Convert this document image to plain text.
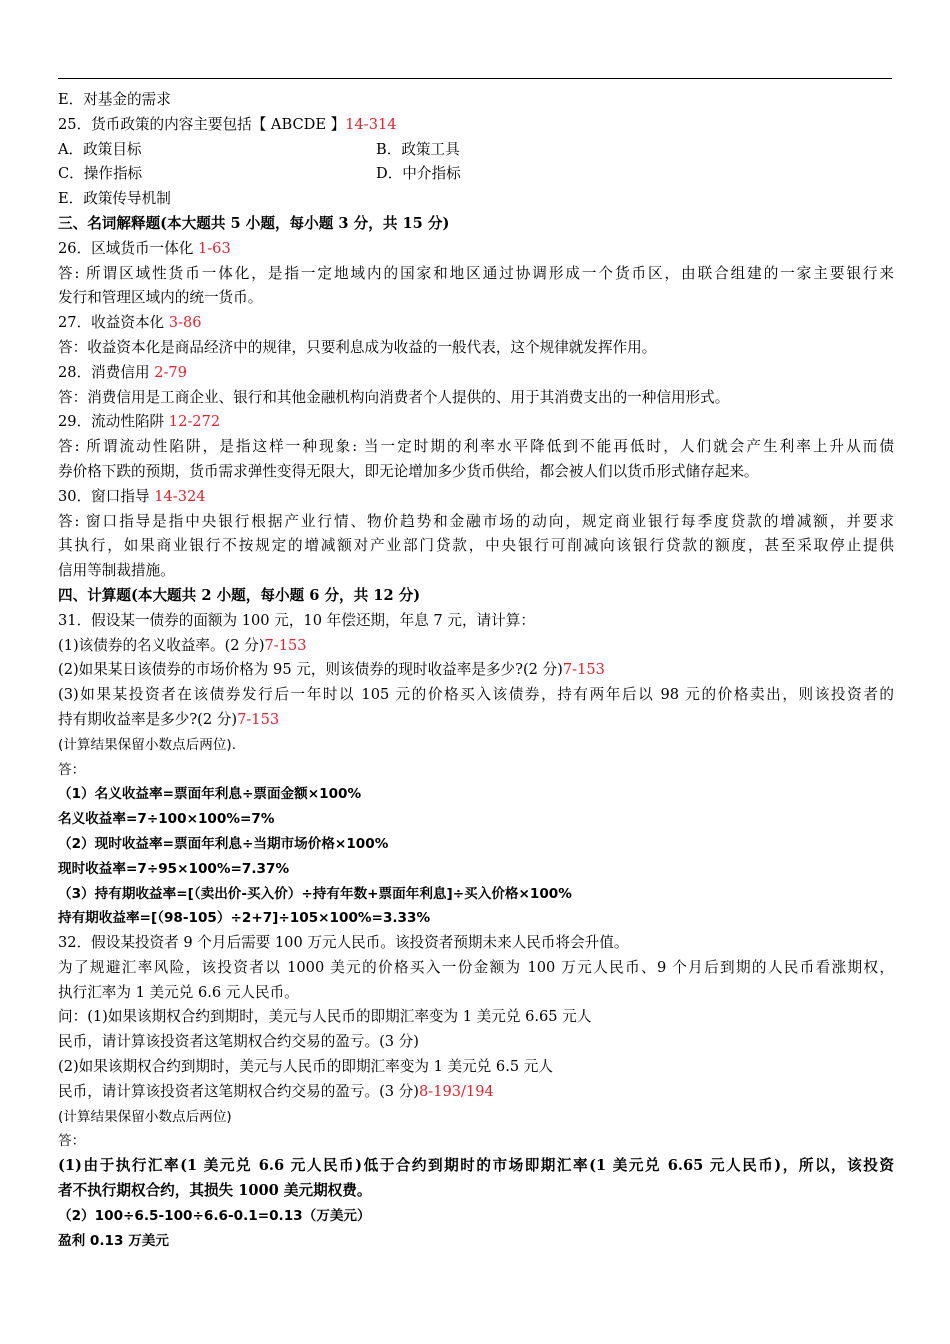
E．对基金的需求
25．货币政策的内容主要包括【 ABCDE 】14-314
A．政策目标	B．政策工具
C．操作指标	D．中介指标
E．政策传导机制
三、名词解释题(本大题共 5 小题，每小题 3 分，共 15 分)
26．区域货币一体化 1-63
答: 所谓区域性货币一体化，是指一定地域内的国家和地区通过协调形成一个货币区，由联合组建的一家主要银行来
发行和管理区域内的统一货币。
27．收益资本化 3-86
答：收益资本化是商品经济中的规律，只要利息成为收益的一般代表，这个规律就发挥作用。
28．消费信用 2-79
答：消费信用是工商企业、银行和其他金融机构向消费者个人提供的、用于其消费支出的一种信用形式。
29．流动性陷阱 12-272
答: 所谓流动性陷阱，是指这样一种现象: 当一定时期的利率水平降低到不能再低时，人们就会产生利率上升从而债
券价格下跌的预期，货币需求弹性变得无限大，即无论增加多少货币供给，都会被人们以货币形式储存起来。
30．窗口指导 14-324
答: 窗口指导是指中央银行根据产业行情、物价趋势和金融市场的动向，规定商业银行每季度贷款的增减额，并要求
其执行，如果商业银行不按规定的增减额对产业部门贷款，中央银行可削减向该银行贷款的额度，甚至采取停止提供
信用等制裁措施。
四、计算题(本大题共 2 小题，每小题 6 分，共 12 分)
31．假设某一债券的面额为 100 元，10 年偿还期，年息 7 元，请计算：
(1)该债券的名义收益率。(2 分)7-153
(2)如果某日该债券的市场价格为 95 元，则该债券的现时收益率是多少?(2 分)7-153
(3)如果某投资者在该债券发行后一年时以 105 元的价格买入该债券，持有两年后以 98 元的价格卖出，则该投资者的
持有期收益率是多少?(2 分)7-153
(计算结果保留小数点后两位).
答：
（1）名义收益率=票面年利息÷票面金额×100%
名义收益率=7÷100×100%=7%
（2）现时收益率=票面年利息÷当期市场价格×100%
现时收益率=7÷95×100%=7.37%
（3）持有期收益率=[（卖出价-买入价）÷持有年数+票面年利息]÷买入价格×100%
持有期收益率=[（98-105）÷2+7]÷105×100%=3.33%
32．假设某投资者 9 个月后需要 100 万元人民币。该投资者预期未来人民币将会升值。
为了规避汇率风险，该投资者以 1000 美元的价格买入一份金额为 100 万元人民币、9 个月后到期的人民币看涨期权，
执行汇率为 1 美元兑 6.6 元人民币。
问：(1)如果该期权合约到期时，美元与人民币的即期汇率变为 1 美元兑 6.65 元人
民币，请计算该投资者这笔期权合约交易的盈亏。(3 分)
(2)如果该期权合约到期时，美元与人民币的即期汇率变为 1 美元兑 6.5 元人
民币，请计算该投资者这笔期权合约交易的盈亏。(3 分)8-193/194
(计算结果保留小数点后两位)
答：
(1)由于执行汇率(1 美元兑 6.6 元人民币)低于合约到期时的市场即期汇率(1 美元兑 6.65 元人民币)，所以，该投资
者不执行期权合约，其损失 1000 美元期权费。
（2）100÷6.5-100÷6.6-0.1=0.13（万美元）
盈利 0.13 万美元
